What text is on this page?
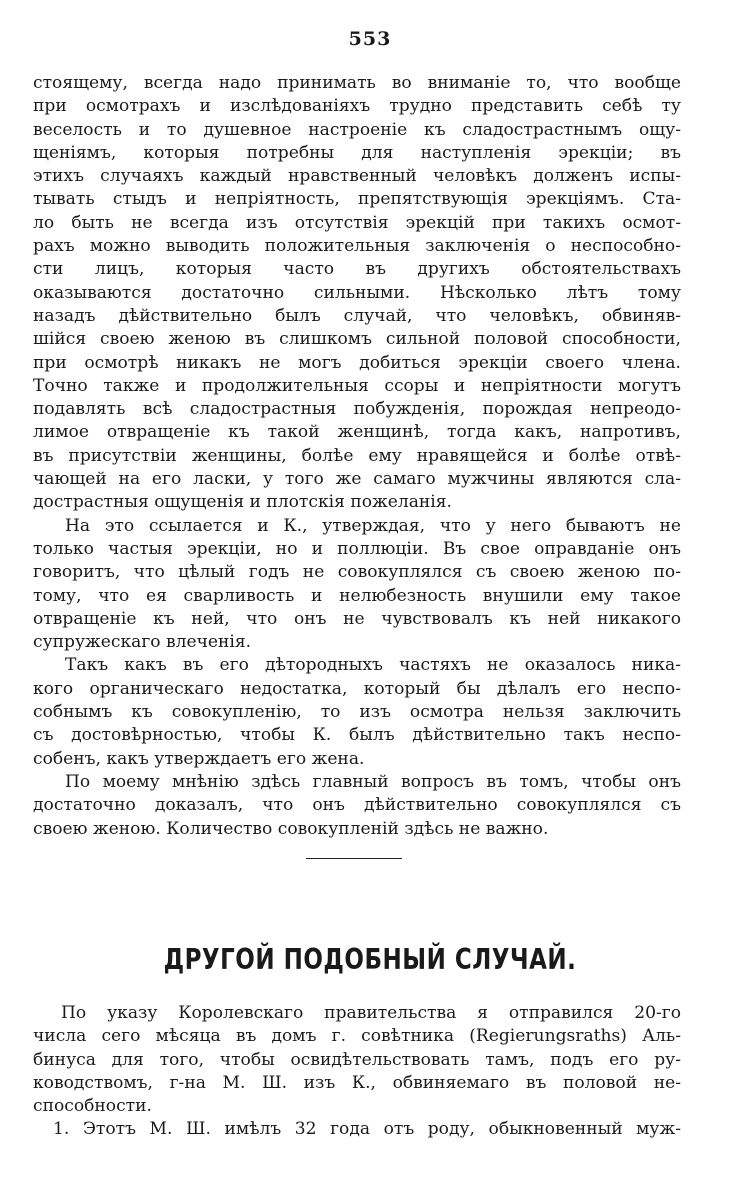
553
стоящему, всегда надо принимать во вниманіе то, что вообще
при осмотрахъ и изслѣдованіяхъ трудно представить себѣ ту
веселость и то душевное настроеніе къ сладострастнымъ ощу-
щеніямъ, которыя потребны для наступленія эрекціи; въ
этихъ случаяхъ каждый нравственный человѣкъ долженъ испы-
тывать стыдъ и непріятность, препятствующія эрекціямъ. Ста-
ло быть не всегда изъ отсутствія эрекцій при такихъ осмот-
рахъ можно выводить положительныя заключенія о неспособно-
сти лицъ, которыя часто въ другихъ обстоятельствахъ
оказываются достаточно сильными. Нѣсколько лѣтъ тому
назадъ дѣйствительно былъ случай, что человѣкъ, обвиняв-
шійся своею женою въ слишкомъ сильной половой способности,
при осмотрѣ никакъ не могъ добиться эрекціи своего члена.
Точно также и продолжительныя ссоры и непріятности могутъ
подавлять всѣ сладострастныя побужденія, порождая непреодо-
лимое отвращеніе къ такой женщинѣ, тогда какъ, напротивъ,
въ присутствіи женщины, болѣе ему нравящейся и болѣе отвѣ-
чающей на его ласки, у того же самаго мужчины являются сла-
дострастныя ощущенія и плотскія пожеланія.
На это ссылается и К., утверждая, что у него бываютъ не
только частыя эрекціи, но и поллюціи. Въ свое оправданіе онъ
говоритъ, что цѣлый годъ не совокуплялся съ своею женою по-
тому, что ея сварливость и нелюбезность внушили ему такое
отвращеніе къ ней, что онъ не чувствовалъ къ ней никакого
супружескаго влеченія.
Такъ какъ въ его дѣтородныхъ частяхъ не оказалось ника-
кого органическаго недостатка, который бы дѣлалъ его неспо-
собнымъ къ совокупленію, то изъ осмотра нельзя заключить
съ достовѣрностью, чтобы К. былъ дѣйствительно такъ неспо-
собенъ, какъ утверждаетъ его жена.
По моему мнѣнію здѣсь главный вопросъ въ томъ, чтобы онъ
достаточно доказалъ, что онъ дѣйствительно совокуплялся съ
своею женою. Количество совокупленій здѣсь не важно.
ДРУГОЙ ПОДОБНЫЙ СЛУЧАЙ.
По указу Королевскаго правительства я отправился 20-го
числа сего мѣсяца въ домъ г. совѣтника (Regierungsraths) Аль-
бинуса для того, чтобы освидѣтельствовать тамъ, подъ его ру-
ководствомъ, г-на М. Ш. изъ К., обвиняемаго въ половой не-
способности.
1. Этотъ М. Ш. имѣлъ 32 года отъ роду, обыкновенный муж-
